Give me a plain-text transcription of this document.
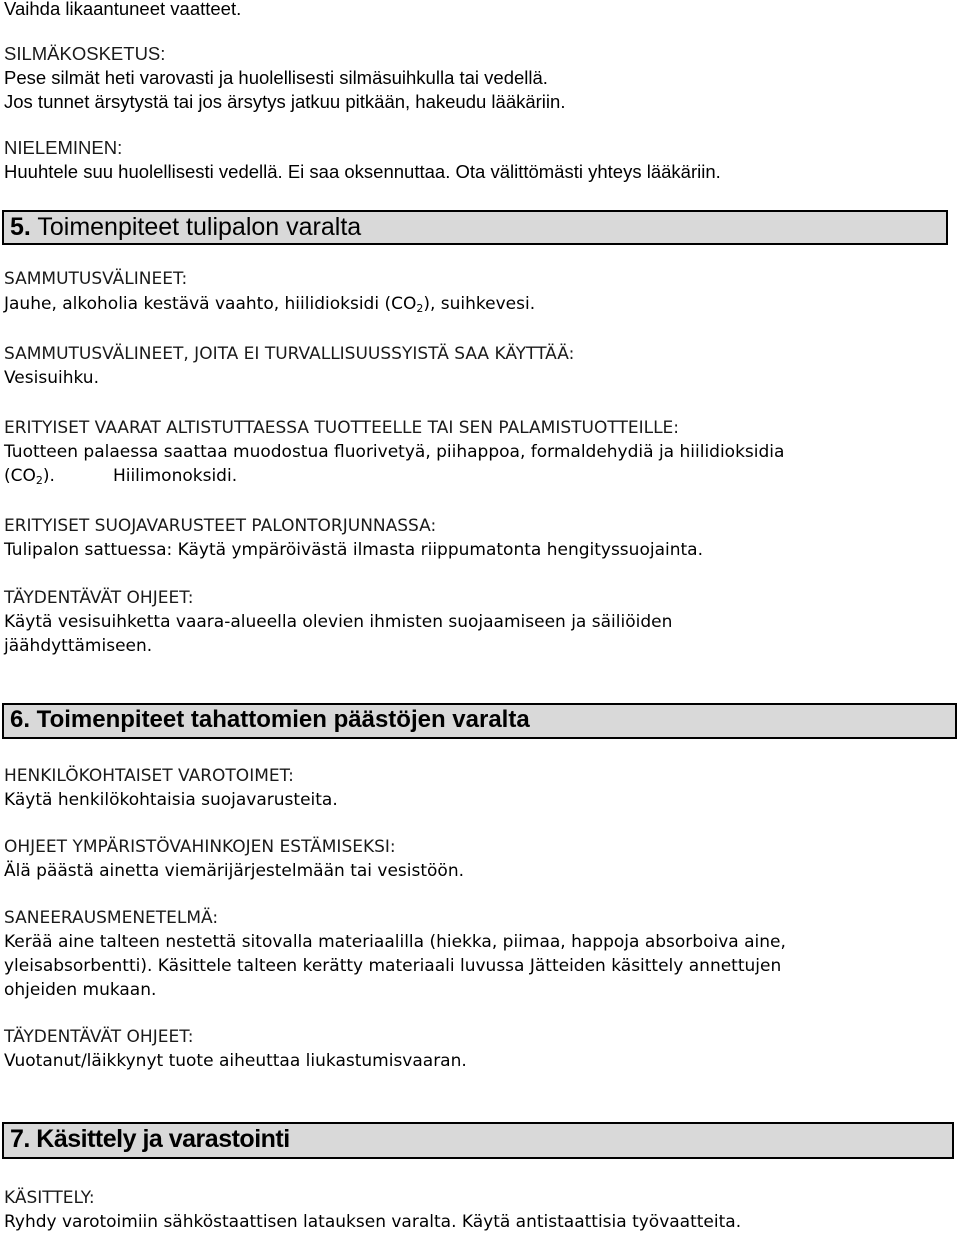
Vaihda likaantuneet vaatteet.

SILMÄKOSKETUS:

Pese silmät heti varovasti ja huolellisesti silmäsuihkulla tai vedellä.

Jos tunnet ärsytystä tai jos ärsytys jatkuu pitkään, hakeudu lääkäriin.

NIELEMINEN:

Huuhtele suu huolellisesti vedellä. Ei saa oksennuttaa. Ota välittömästi yhteys lääkäriin.

5. Toimenpiteet tulipalon varalta

SAMMUTUSVÄLINEET:

Jauhe, alkoholia kestävä vaahto, hiilidioksidi $(CO_2)$, suihkevesi.

SAMMUTUSVÄLINEET, JOITA EI TURVALLISUUSSYISTÄ SAA KÄYTTÄÄ:

Vesisuihku.

ERITYISET VAARAT ALTISTUTTAESSA TUOTTEELLE TAI SEN PALAMISTUOTTEILLE:

Tuotteen palaessa saattaa muodostua fluorivetyä, piihappoa, formaldehydiä ja hiilidioksidia

$(CO_2)$.	Hiilimonoksidi.

ERITYISET SUOJAVARUSTEET PALONTORJUNNASSA:

Tulipalon sattuessa: Käytä ympäröivästä ilmasta riippumatonta hengityssuojainta.

TÄYDENTÄVÄT OHJEET:

Käytä vesisuihketta vaara-alueella olevien ihmisten suojaamiseen ja säiliöiden

jäähdyttämiseen.

6. Toimenpiteet tahattomien päästöjen varalta

HENKILÖKOHTAISET VAROTOIMET:

Käytä henkilökohtaisia suojavarusteita.

OHJEET YMPÄRISTÖVAHINKOJEN ESTÄMISEKSI:

Älä päästä ainetta viemärijärjestelmään tai vesistöön.

SANEERAUSMENETELMÄ:

Kerää aine talteen nestettä sitovalla materiaalilla (hiekka, piimaa, happoja absorboiva aine,

yleisabsorbentti). Käsittele talteen kerätty materiaali luvussa Jätteiden käsittely annettujen

ohjeiden mukaan.

TÄYDENTÄVÄT OHJEET:

Vuotanut/läikkynyt tuote aiheuttaa liukastumisvaaran.

7. Käsittely ja varastointi

KÄSITTELY:

Ryhdy varotoimiin sähköstaattisen latauksen varalta. Käytä antistaattisia työvaatteita.
